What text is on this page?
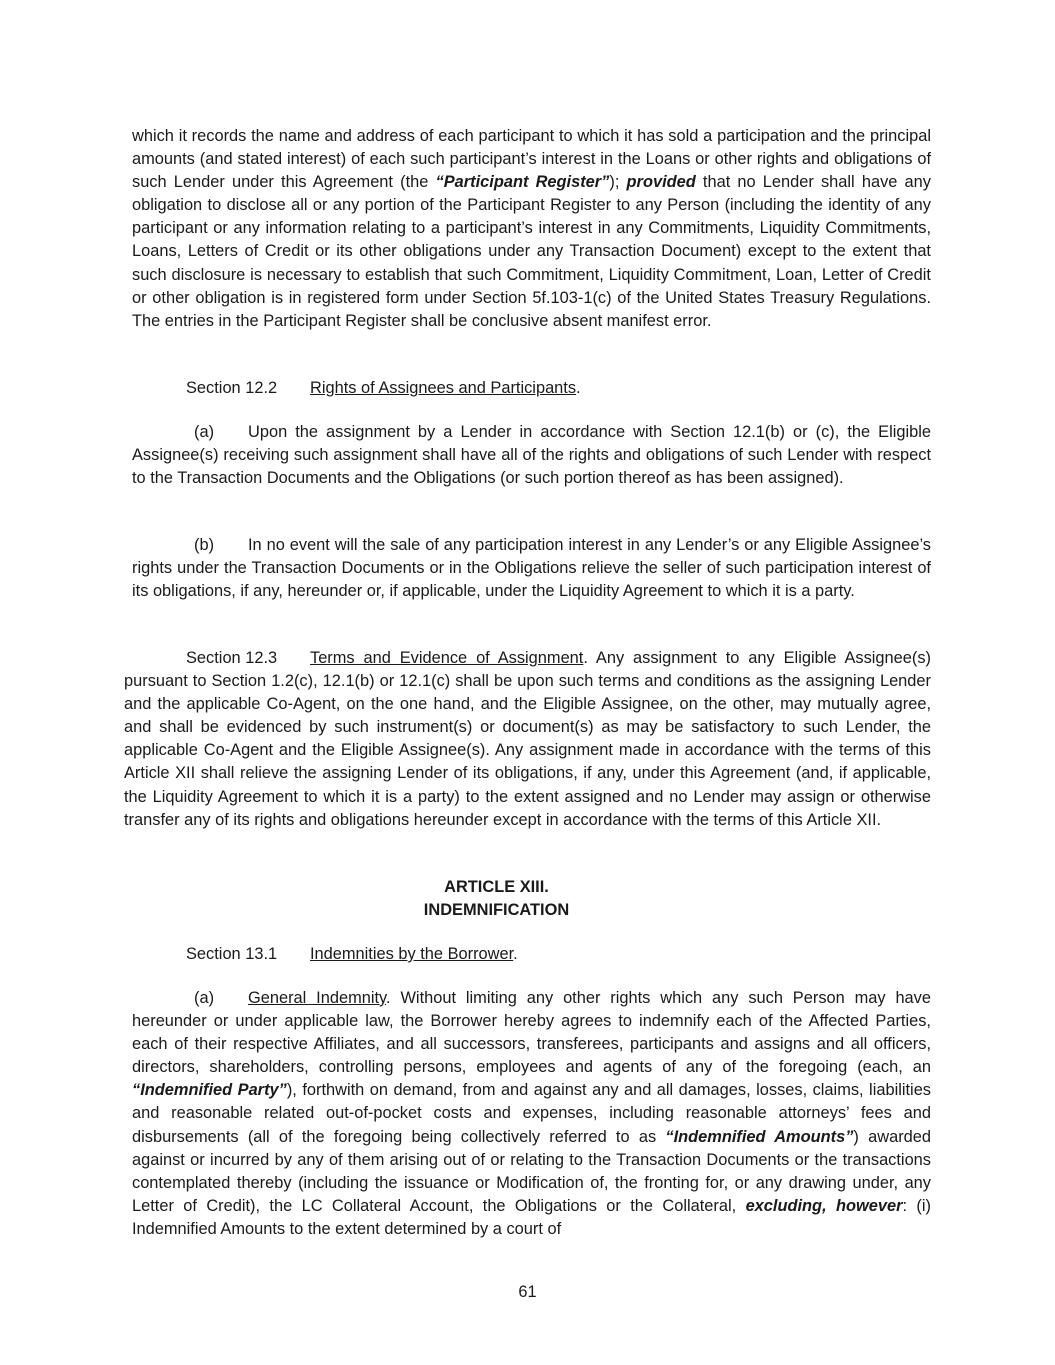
which it records the name and address of each participant to which it has sold a participation and the principal amounts (and stated interest) of each such participant’s interest in the Loans or other rights and obligations of such Lender under this Agreement (the “Participant Register”); provided that no Lender shall have any obligation to disclose all or any portion of the Participant Register to any Person (including the identity of any participant or any information relating to a participant’s interest in any Commitments, Liquidity Commitments, Loans, Letters of Credit or its other obligations under any Transaction Document) except to the extent that such disclosure is necessary to establish that such Commitment, Liquidity Commitment, Loan, Letter of Credit or other obligation is in registered form under Section 5f.103-1(c) of the United States Treasury Regulations. The entries in the Participant Register shall be conclusive absent manifest error.

Section 12.2 Rights of Assignees and Participants.

(a) Upon the assignment by a Lender in accordance with Section 12.1(b) or (c), the Eligible Assignee(s) receiving such assignment shall have all of the rights and obligations of such Lender with respect to the Transaction Documents and the Obligations (or such portion thereof as has been assigned).

(b) In no event will the sale of any participation interest in any Lender’s or any Eligible Assignee’s rights under the Transaction Documents or in the Obligations relieve the seller of such participation interest of its obligations, if any, hereunder or, if applicable, under the Liquidity Agreement to which it is a party.

Section 12.3 Terms and Evidence of Assignment. Any assignment to any Eligible Assignee(s) pursuant to Section 1.2(c), 12.1(b) or 12.1(c) shall be upon such terms and conditions as the assigning Lender and the applicable Co-Agent, on the one hand, and the Eligible Assignee, on the other, may mutually agree, and shall be evidenced by such instrument(s) or document(s) as may be satisfactory to such Lender, the applicable Co-Agent and the Eligible Assignee(s). Any assignment made in accordance with the terms of this Article XII shall relieve the assigning Lender of its obligations, if any, under this Agreement (and, if applicable, the Liquidity Agreement to which it is a party) to the extent assigned and no Lender may assign or otherwise transfer any of its rights and obligations hereunder except in accordance with the terms of this Article XII.

ARTICLE XIII.
INDEMNIFICATION
Section 13.1 Indemnities by the Borrower.

(a) General Indemnity. Without limiting any other rights which any such Person may have hereunder or under applicable law, the Borrower hereby agrees to indemnify each of the Affected Parties, each of their respective Affiliates, and all successors, transferees, participants and assigns and all officers, directors, shareholders, controlling persons, employees and agents of any of the foregoing (each, an “Indemnified Party”), forthwith on demand, from and against any and all damages, losses, claims, liabilities and reasonable related out-of-pocket costs and expenses, including reasonable attorneys’ fees and disbursements (all of the foregoing being collectively referred to as “Indemnified Amounts”) awarded against or incurred by any of them arising out of or relating to the Transaction Documents or the transactions contemplated thereby (including the issuance or Modification of, the fronting for, or any drawing under, any Letter of Credit), the LC Collateral Account, the Obligations or the Collateral, excluding, however: (i) Indemnified Amounts to the extent determined by a court of

61
